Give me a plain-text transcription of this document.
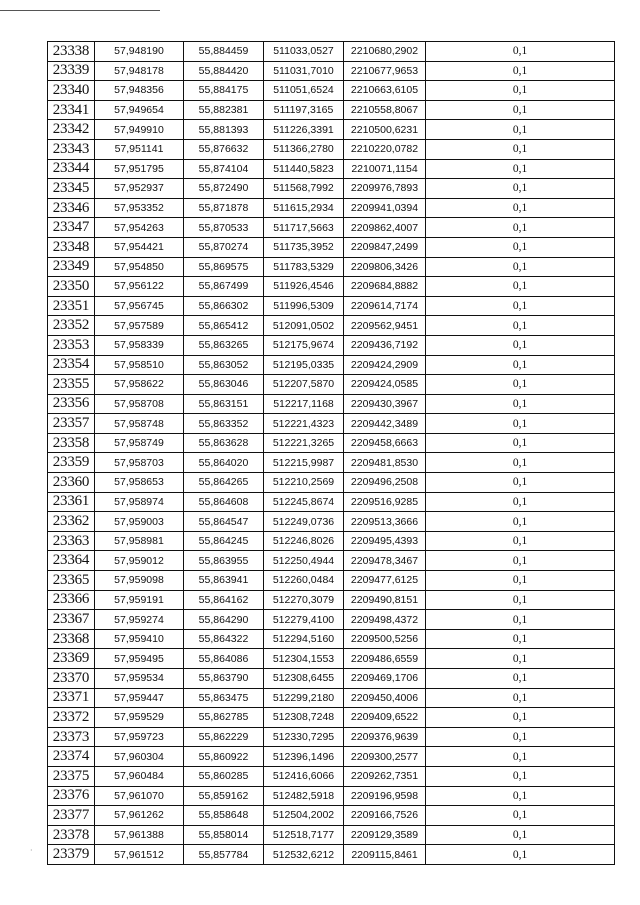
23338	57,948190	55,884459	511033,0527	2210680,2902	0,1
23339	57,948178	55,884420	511031,7010	2210677,9653	0,1
23340	57,948356	55,884175	511051,6524	2210663,6105	0,1
23341	57,949654	55,882381	511197,3165	2210558,8067	0,1
23342	57,949910	55,881393	511226,3391	2210500,6231	0,1
23343	57,951141	55,876632	511366,2780	2210220,0782	0,1
23344	57,951795	55,874104	511440,5823	2210071,1154	0,1
23345	57,952937	55,872490	511568,7992	2209976,7893	0,1
23346	57,953352	55,871878	511615,2934	2209941,0394	0,1
23347	57,954263	55,870533	511717,5663	2209862,4007	0,1
23348	57,954421	55,870274	511735,3952	2209847,2499	0,1
23349	57,954850	55,869575	511783,5329	2209806,3426	0,1
23350	57,956122	55,867499	511926,4546	2209684,8882	0,1
23351	57,956745	55,866302	511996,5309	2209614,7174	0,1
23352	57,957589	55,865412	512091,0502	2209562,9451	0,1
23353	57,958339	55,863265	512175,9674	2209436,7192	0,1
23354	57,958510	55,863052	512195,0335	2209424,2909	0,1
23355	57,958622	55,863046	512207,5870	2209424,0585	0,1
23356	57,958708	55,863151	512217,1168	2209430,3967	0,1
23357	57,958748	55,863352	512221,4323	2209442,3489	0,1
23358	57,958749	55,863628	512221,3265	2209458,6663	0,1
23359	57,958703	55,864020	512215,9987	2209481,8530	0,1
23360	57,958653	55,864265	512210,2569	2209496,2508	0,1
23361	57,958974	55,864608	512245,8674	2209516,9285	0,1
23362	57,959003	55,864547	512249,0736	2209513,3666	0,1
23363	57,958981	55,864245	512246,8026	2209495,4393	0,1
23364	57,959012	55,863955	512250,4944	2209478,3467	0,1
23365	57,959098	55,863941	512260,0484	2209477,6125	0,1
23366	57,959191	55,864162	512270,3079	2209490,8151	0,1
23367	57,959274	55,864290	512279,4100	2209498,4372	0,1
23368	57,959410	55,864322	512294,5160	2209500,5256	0,1
23369	57,959495	55,864086	512304,1553	2209486,6559	0,1
23370	57,959534	55,863790	512308,6455	2209469,1706	0,1
23371	57,959447	55,863475	512299,2180	2209450,4006	0,1
23372	57,959529	55,862785	512308,7248	2209409,6522	0,1
23373	57,959723	55,862229	512330,7295	2209376,9639	0,1
23374	57,960304	55,860922	512396,1496	2209300,2577	0,1
23375	57,960484	55,860285	512416,6066	2209262,7351	0,1
23376	57,961070	55,859162	512482,5918	2209196,9598	0,1
23377	57,961262	55,858648	512504,2002	2209166,7526	0,1
23378	57,961388	55,858014	512518,7177	2209129,3589	0,1
23379	57,961512	55,857784	512532,6212	2209115,8461	0,1
·
